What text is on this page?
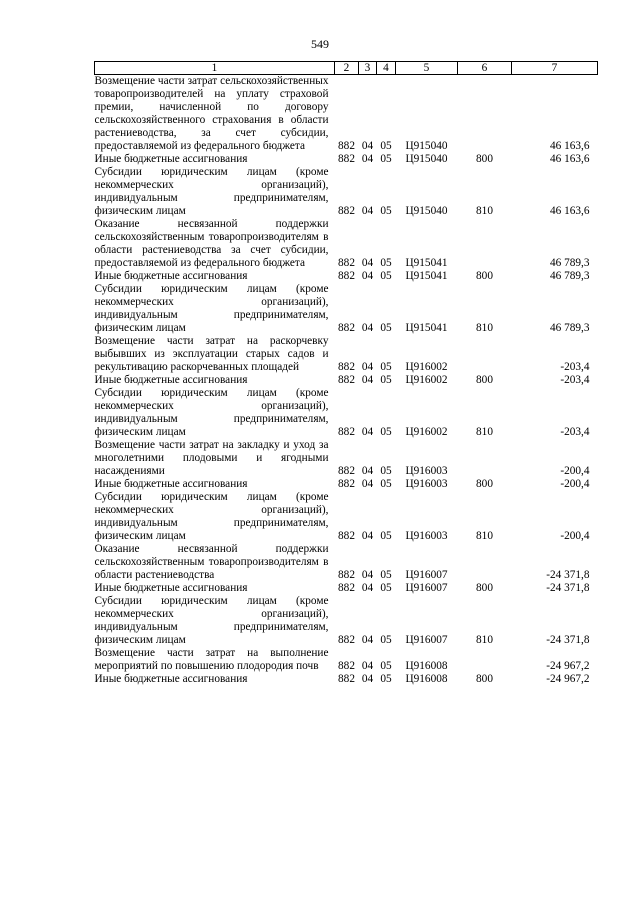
549
1	2	3	4	5	6	7
Возмещение части затрат сельскохозяйственных товаропроизводителей на уплату страховой премии, начисленной по договору сельскохозяйственного страхования в области растениеводства, за счет субсидии, предоставляемой из федерального бюджета	882	04	05	Ц915040		46 163,6
Иные бюджетные ассигнования	882	04	05	Ц915040	800	46 163,6
Субсидии юридическим лицам (кроме некоммерческих организаций), индивидуальным предпринимателям, физическим лицам	882	04	05	Ц915040	810	46 163,6
Оказание несвязанной поддержки сельскохозяйственным товаропроизводителям в области растениеводства за счет субсидии, предоставляемой из федерального бюджета	882	04	05	Ц915041		46 789,3
Иные бюджетные ассигнования	882	04	05	Ц915041	800	46 789,3
Субсидии юридическим лицам (кроме некоммерческих организаций), индивидуальным предпринимателям, физическим лицам	882	04	05	Ц915041	810	46 789,3
Возмещение части затрат на раскорчевку выбывших из эксплуатации старых садов и рекультивацию раскорчеванных площадей	882	04	05	Ц916002		-203,4
Иные бюджетные ассигнования	882	04	05	Ц916002	800	-203,4
Субсидии юридическим лицам (кроме некоммерческих организаций), индивидуальным предпринимателям, физическим лицам	882	04	05	Ц916002	810	-203,4
Возмещение части затрат на закладку и уход за многолетними плодовыми и ягодными насаждениями	882	04	05	Ц916003		-200,4
Иные бюджетные ассигнования	882	04	05	Ц916003	800	-200,4
Субсидии юридическим лицам (кроме некоммерческих организаций), индивидуальным предпринимателям, физическим лицам	882	04	05	Ц916003	810	-200,4
Оказание несвязанной поддержки сельскохозяйственным товаропроизводителям в области растениеводства	882	04	05	Ц916007		-24 371,8
Иные бюджетные ассигнования	882	04	05	Ц916007	800	-24 371,8
Субсидии юридическим лицам (кроме некоммерческих организаций), индивидуальным предпринимателям, физическим лицам	882	04	05	Ц916007	810	-24 371,8
Возмещение части затрат на выполнение мероприятий по повышению плодородия почв	882	04	05	Ц916008		-24 967,2
Иные бюджетные ассигнования	882	04	05	Ц916008	800	-24 967,2
